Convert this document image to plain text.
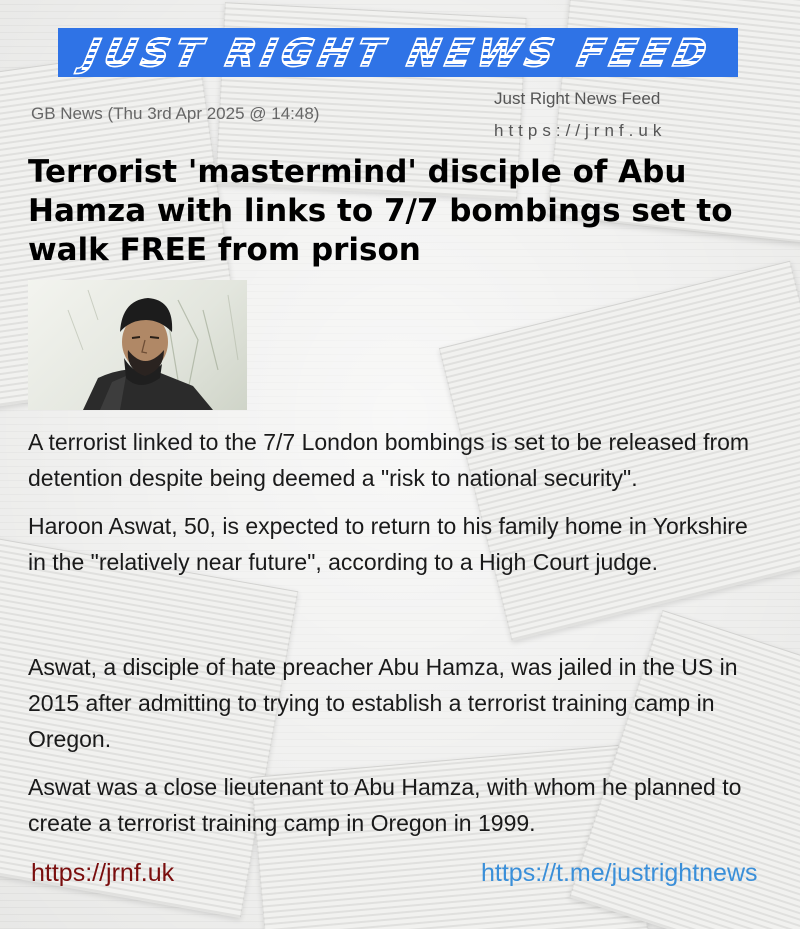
JUST RIGHT NEWS FEED
GB News (Thu 3rd Apr 2025 @ 14:48)
Just Right News Feed
https://jrnf.uk
Terrorist 'mastermind' disciple of Abu Hamza with links to 7/7 bombings set to walk FREE from prison

A terrorist linked to the 7/7 London bombings is set to be released from detention despite being deemed a "risk to national security".

Haroon Aswat, 50, is expected to return to his family home in Yorkshire in the "relatively near future", according to a High Court judge.

Aswat, a disciple of hate preacher Abu Hamza, was jailed in the US in 2015 after admitting to trying to establish a terrorist training camp in Oregon.

Aswat was a close lieutenant to Abu Hamza, with whom he planned to create a terrorist training camp in Oregon in 1999.

https://jrnf.uk	https://t.me/justrightnews
